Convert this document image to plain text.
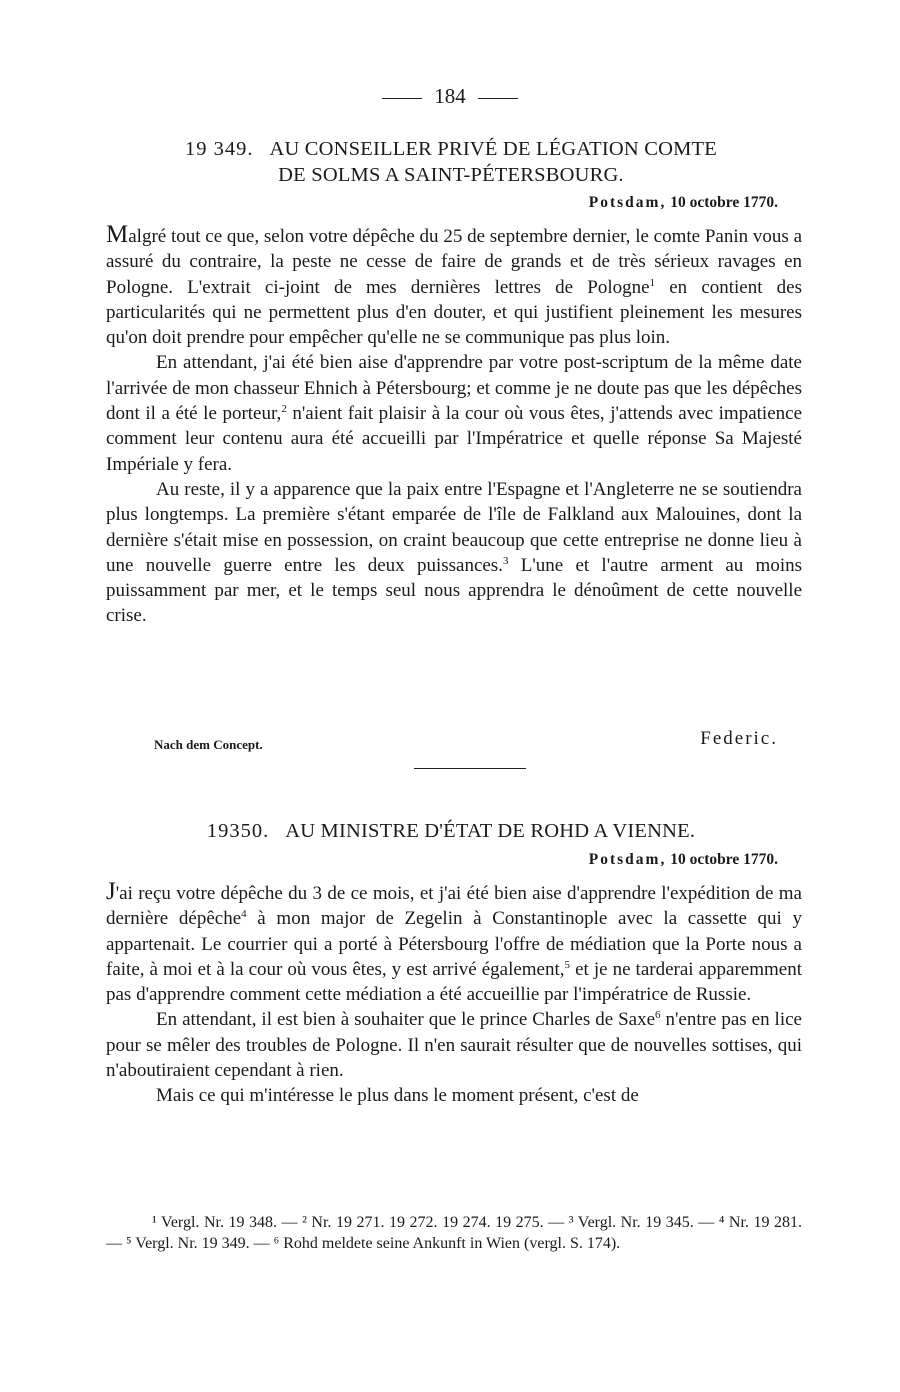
184
19 349. AU CONSEILLER PRIVÉ DE LÉGATION COMTE
DE SOLMS A SAINT-PÉTERSBOURG.
Potsdam, 10 octobre 1770.

Malgré tout ce que, selon votre dépêche du 25 de septembre dernier, le comte Panin vous a assuré du contraire, la peste ne cesse de faire de grands et de très sérieux ravages en Pologne. L'extrait ci-joint de mes dernières lettres de Pologne$^1$ en contient des particularités qui ne permettent plus d'en douter, et qui justifient pleinement les mesures qu'on doit prendre pour empêcher qu'elle ne se communique pas plus loin.

En attendant, j'ai été bien aise d'apprendre par votre post-scriptum de la même date l'arrivée de mon chasseur Ehnich à Pétersbourg; et comme je ne doute pas que les dépêches dont il a été le porteur,$^2$ n'aient fait plaisir à la cour où vous êtes, j'attends avec impatience comment leur contenu aura été accueilli par l'Impératrice et quelle réponse Sa Majesté Impériale y fera.

Au reste, il y a apparence que la paix entre l'Espagne et l'Angleterre ne se soutiendra plus longtemps. La première s'étant emparée de l'île de Falkland aux Malouines, dont la dernière s'était mise en possession, on craint beaucoup que cette entreprise ne donne lieu à une nouvelle guerre entre les deux puissances.$^3$ L'une et l'autre arment au moins puissamment par mer, et le temps seul nous apprendra le dénoûment de cette nouvelle crise.

Nach dem Concept.	Federic.
19350. AU MINISTRE D'ÉTAT DE ROHD A VIENNE.
Potsdam, 10 octobre 1770.

J'ai reçu votre dépêche du 3 de ce mois, et j'ai été bien aise d'apprendre l'expédition de ma dernière dépêche$^4$ à mon major de Zegelin à Constantinople avec la cassette qui y appartenait. Le courrier qui a porté à Pétersbourg l'offre de médiation que la Porte nous a faite, à moi et à la cour où vous êtes, y est arrivé également,$^5$ et je ne tarderai apparemment pas d'apprendre comment cette médiation a été accueillie par l'impératrice de Russie.

En attendant, il est bien à souhaiter que le prince Charles de Saxe$^6$ n'entre pas en lice pour se mêler des troubles de Pologne. Il n'en saurait résulter que de nouvelles sottises, qui n'aboutiraient cependant à rien.

Mais ce qui m'intéresse le plus dans le moment présent, c'est de

¹ Vergl. Nr. 19 348. — ² Nr. 19 271. 19 272. 19 274. 19 275. — ³ Vergl. Nr. 19 345. — ⁴ Nr. 19 281. — ⁵ Vergl. Nr. 19 349. — ⁶ Rohd meldete seine Ankunft in Wien (vergl. S. 174).
